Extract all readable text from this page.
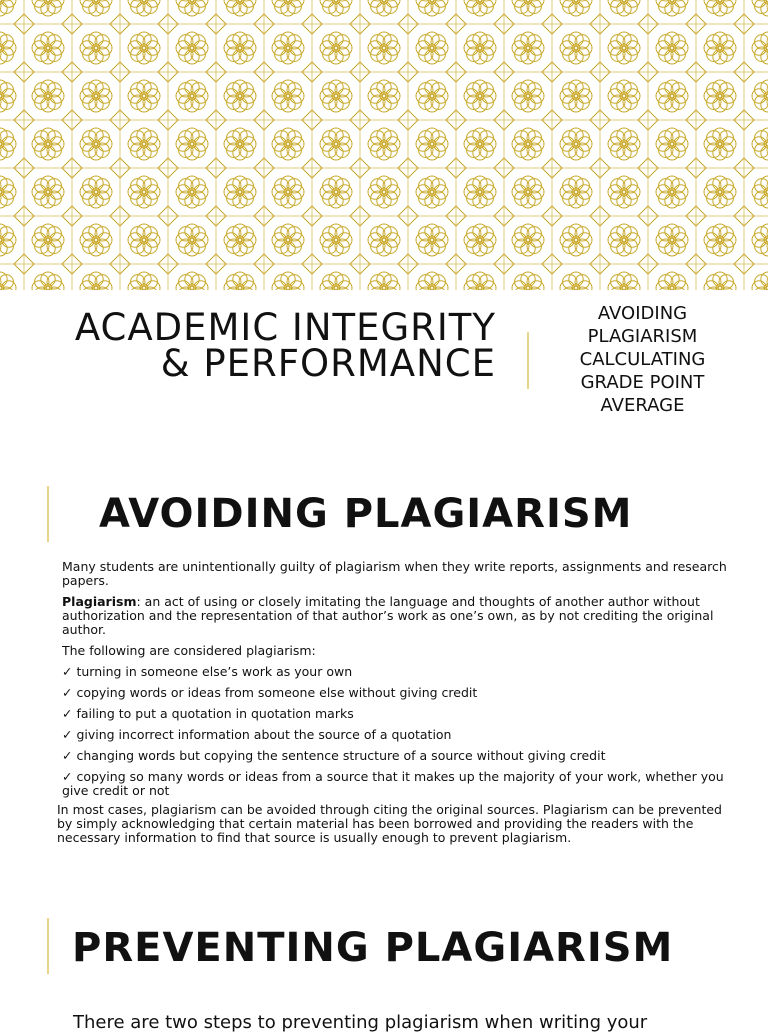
ACADEMIC INTEGRITY
& PERFORMANCE
AVOIDING
PLAGIARISM
CALCULATING
GRADE POINT
AVERAGE
AVOIDING PLAGIARISM

Many students are unintentionally guilty of plagiarism when they write reports, assignments and research papers.

Plagiarism: an act of using or closely imitating the language and thoughts of another author without authorization and the representation of that author’s work as one’s own, as by not crediting the original author.

The following are considered plagiarism:

✓ turning in someone else’s work as your own

✓ copying words or ideas from someone else without giving credit

✓ failing to put a quotation in quotation marks

✓ giving incorrect information about the source of a quotation

✓ changing words but copying the sentence structure of a source without giving credit

✓ copying so many words or ideas from a source that it makes up the majority of your work, whether you give credit or not

In most cases, plagiarism can be avoided through citing the original sources. Plagiarism can be prevented by simply acknowledging that certain material has been borrowed and providing the readers with the necessary information to find that source is usually enough to prevent plagiarism.

PREVENTING PLAGIARISM

There are two steps to preventing plagiarism when writing your
